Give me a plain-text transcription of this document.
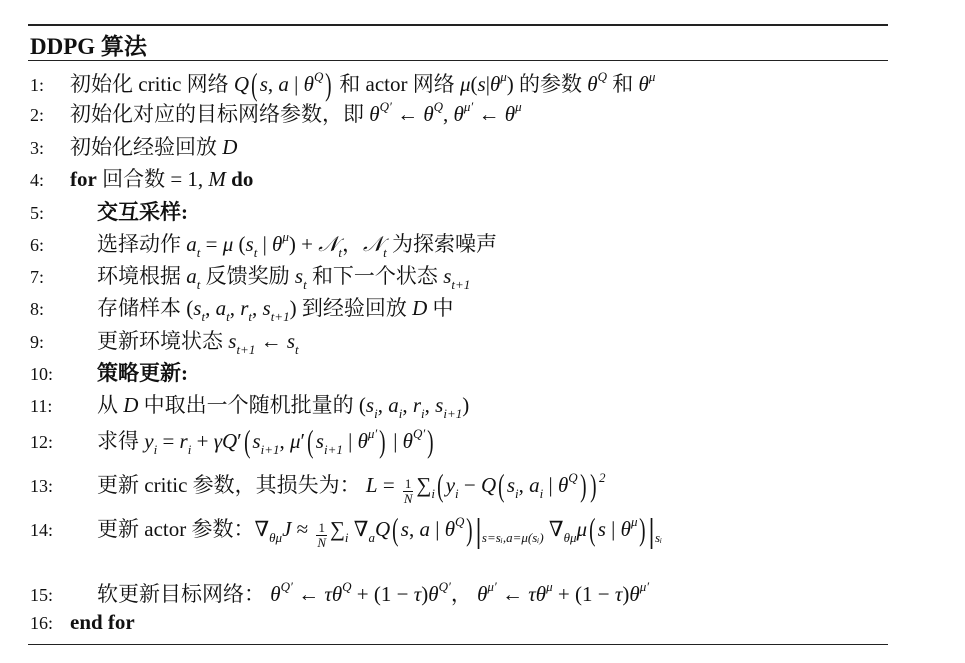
DDPG 算法
1:	初始化 critic 网络 Q ( s , a | θ Q ) 和 actor 网络 μ ( s | θ μ ) 的参数 θ Q 和 θ μ
2:	初始化对应的目标网络参数，即 θ Q′ ← θ Q , θ μ′ ← θ μ
3:	初始化经验回放 D
4:	for 回合数 = 1, M do
5:	交互采样:
6:	选择动作 a t = μ ( s t | θ μ ) + 𝒩 t ， 𝒩 t 为探索噪声
7:	环境根据 a t 反馈奖励 s t 和下一个状态 s t+1
8:	存储样本 ( s t , a t , r t , s t+1 ) 到经验回放 D 中
9:	更新环境状态 s t+1 ← s t
10:	策略更新:
11:	从 D 中取出一个随机批量的 ( s i , a i , r i , s i+1 )
12:	求得 y i = r i + γQ ′ ( s i+1 , μ ′ ( s i+1 | θ μ′ ) | θ Q′ )
13:	更新 critic 参数，其损失为： $L = \frac{1}{N}$ ∑ i ( y i − Q ( s i , a i | θ Q ) ) 2
14:	更新 actor 参数： ∇ θμ $J \approx \frac{1}{N}$ ∑ i ∇ a Q ( s , a | θ Q ) | s=sᵢ,a=μ(sᵢ) ∇ θμ μ ( s | θ μ ) | sᵢ
15:	软更新目标网络： θ Q′ ← τθ Q + (1 − τ ) θ Q′ ， θ μ′ ← τθ μ + (1 − τ ) θ μ′
16: end for
